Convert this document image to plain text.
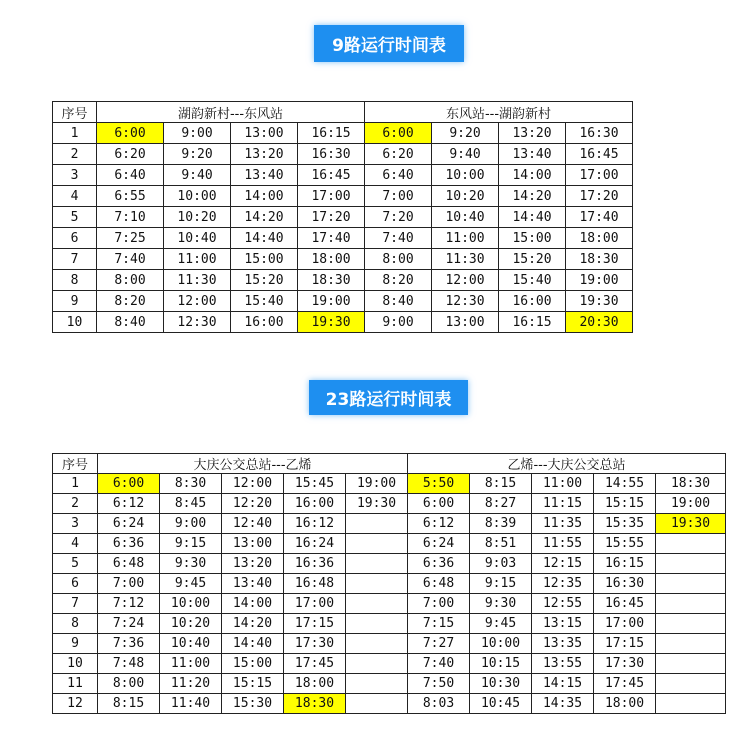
9路运行时间表
序号	湖韵新村---东风站				东风站---湖韵新村			
1	6:00	9:00	13:00	16:15	6:00	9:20	13:20	16:30
2	6:20	9:20	13:20	16:30	6:20	9:40	13:40	16:45
3	6:40	9:40	13:40	16:45	6:40	10:00	14:00	17:00
4	6:55	10:00	14:00	17:00	7:00	10:20	14:20	17:20
5	7:10	10:20	14:20	17:20	7:20	10:40	14:40	17:40
6	7:25	10:40	14:40	17:40	7:40	11:00	15:00	18:00
7	7:40	11:00	15:00	18:00	8:00	11:30	15:20	18:30
8	8:00	11:30	15:20	18:30	8:20	12:00	15:40	19:00
9	8:20	12:00	15:40	19:00	8:40	12:30	16:00	19:30
10	8:40	12:30	16:00	19:30	9:00	13:00	16:15	20:30
23路运行时间表
序号	大庆公交总站---乙烯					乙烯---大庆公交总站				
1	6:00	8:30	12:00	15:45	19:00	5:50	8:15	11:00	14:55	18:30
2	6:12	8:45	12:20	16:00	19:30	6:00	8:27	11:15	15:15	19:00
3	6:24	9:00	12:40	16:12		6:12	8:39	11:35	15:35	19:30
4	6:36	9:15	13:00	16:24		6:24	8:51	11:55	15:55	
5	6:48	9:30	13:20	16:36		6:36	9:03	12:15	16:15	
6	7:00	9:45	13:40	16:48		6:48	9:15	12:35	16:30	
7	7:12	10:00	14:00	17:00		7:00	9:30	12:55	16:45	
8	7:24	10:20	14:20	17:15		7:15	9:45	13:15	17:00	
9	7:36	10:40	14:40	17:30		7:27	10:00	13:35	17:15	
10	7:48	11:00	15:00	17:45		7:40	10:15	13:55	17:30	
11	8:00	11:20	15:15	18:00		7:50	10:30	14:15	17:45	
12	8:15	11:40	15:30	18:30		8:03	10:45	14:35	18:00	
